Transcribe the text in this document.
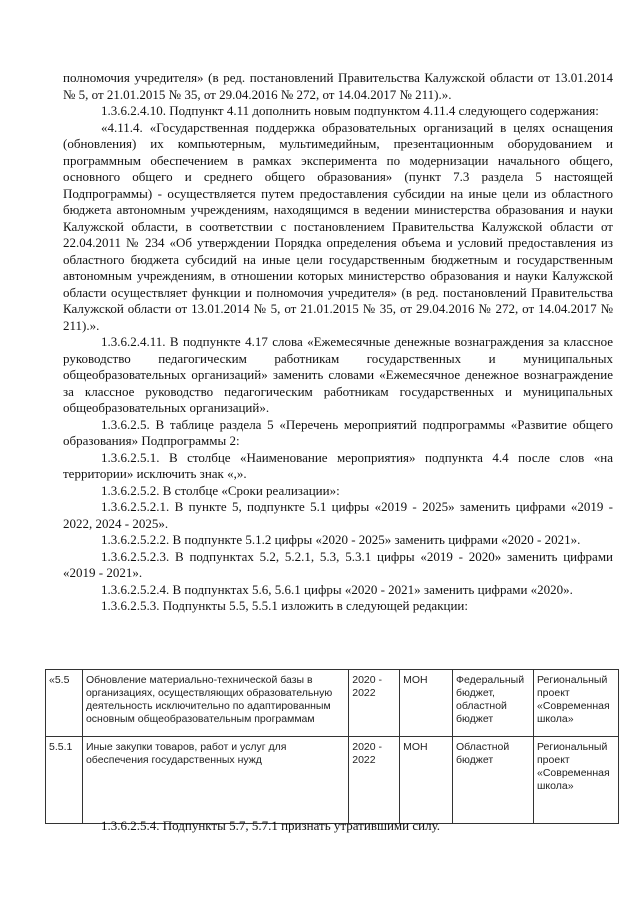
полномочия учредителя» (в ред. постановлений Правительства Калужской области от 13.01.2014 № 5, от 21.01.2015 № 35, от 29.04.2016 № 272, от 14.04.2017 № 211).».

1.3.6.2.4.10. Подпункт 4.11 дополнить новым подпунктом 4.11.4 следующего содержания:

«4.11.4. «Государственная поддержка образовательных организаций в целях оснащения (обновления) их компьютерным, мультимедийным, презентационным оборудованием и программным обеспечением в рамках эксперимента по модернизации начального общего, основного общего и среднего общего образования» (пункт 7.3 раздела 5 настоящей Подпрограммы) - осуществляется путем предоставления субсидии на иные цели из областного бюджета автономным учреждениям, находящимся в ведении министерства образования и науки Калужской области, в соответствии с постановлением Правительства Калужской области от 22.04.2011 № 234 «Об утверждении Порядка определения объема и условий предоставления из областного бюджета субсидий на иные цели государственным бюджетным и государственным автономным учреждениям, в отношении которых министерство образования и науки Калужской области осуществляет функции и полномочия учредителя» (в ред. постановлений Правительства Калужской области от 13.01.2014 № 5, от 21.01.2015 № 35, от 29.04.2016 № 272, от 14.04.2017 № 211).».

1.3.6.2.4.11. В подпункте 4.17 слова «Ежемесячные денежные вознаграждения за классное руководство педагогическим работникам государственных и муниципальных общеобразовательных организаций» заменить словами «Ежемесячное денежное вознаграждение за классное руководство педагогическим работникам государственных и муниципальных общеобразовательных организаций».

1.3.6.2.5. В таблице раздела 5 «Перечень мероприятий подпрограммы «Развитие общего образования» Подпрограммы 2:

1.3.6.2.5.1. В столбце «Наименование мероприятия» подпункта 4.4 после слов «на территории» исключить знак «,».

1.3.6.2.5.2. В столбце «Сроки реализации»:

1.3.6.2.5.2.1. В пункте 5, подпункте 5.1 цифры «2019 - 2025» заменить цифрами «2019 - 2022, 2024 - 2025».

1.3.6.2.5.2.2. В подпункте 5.1.2 цифры «2020 - 2025» заменить цифрами «2020 - 2021».

1.3.6.2.5.2.3. В подпунктах 5.2, 5.2.1, 5.3, 5.3.1 цифры «2019 - 2020» заменить цифрами «2019 - 2021».

1.3.6.2.5.2.4. В подпунктах 5.6, 5.6.1 цифры «2020 - 2021» заменить цифрами «2020».

1.3.6.2.5.3. Подпункты 5.5, 5.5.1 изложить в следующей редакции:

«5.5	Обновление материально-технической базы в организациях, осуществляющих образовательную деятельность исключительно по адаптированным основным общеобразовательным программам	2020 - 2022	МОН	Федеральный бюджет, областной бюджет	Региональный проект «Современная школа»
5.5.1	Иные закупки товаров, работ и услуг для обеспечения государственных нужд	2020 - 2022	МОН	Областной бюджет	Региональный проект «Современная школа»
1.3.6.2.5.4. Подпункты 5.7, 5.7.1 признать утратившими силу.
